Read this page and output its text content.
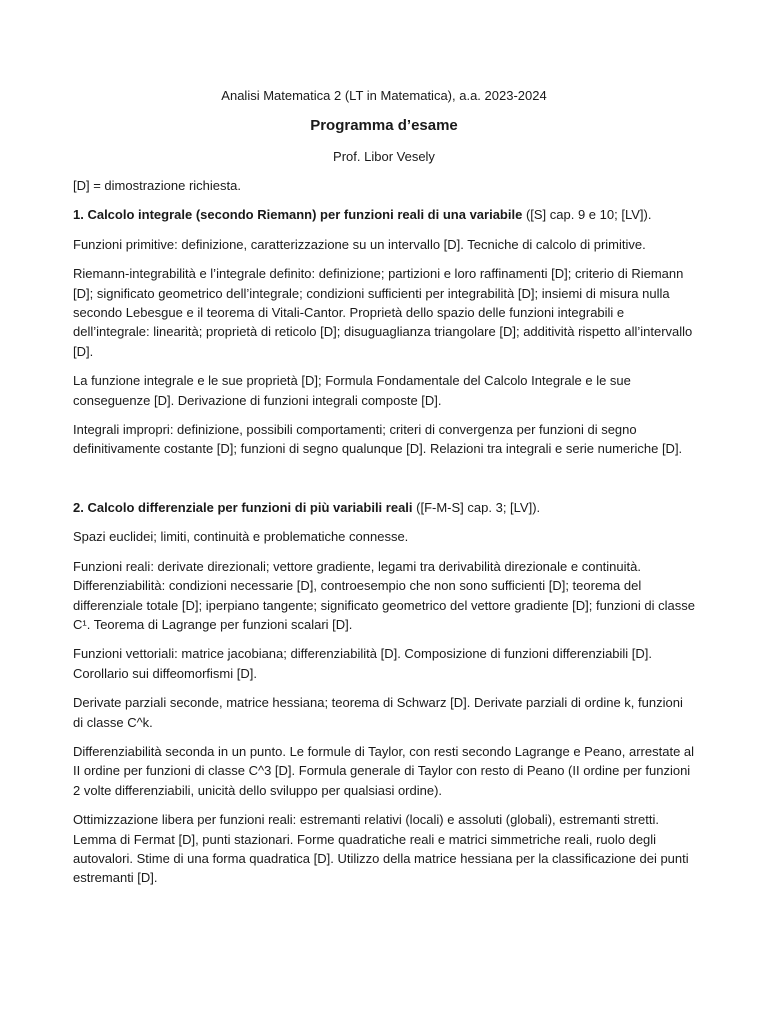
Analisi Matematica 2 (LT in Matematica), a.a. 2023-2024
Programma d’esame
Prof. Libor Vesely

[D] = dimostrazione richiesta.

1. Calcolo integrale (secondo Riemann) per funzioni reali di una variabile ([S] cap. 9 e 10; [LV]).

Funzioni primitive: definizione, caratterizzazione su un intervallo [D]. Tecniche di calcolo di primitive.

Riemann-integrabilità e l’integrale definito: definizione; partizioni e loro raffinamenti [D]; criterio di Riemann [D]; significato geometrico dell’integrale; condizioni sufficienti per integrabilità [D]; insiemi di misura nulla secondo Lebesgue e il teorema di Vitali-Cantor. Proprietà dello spazio delle funzioni integrabili e dell’integrale: linearità; proprietà di reticolo [D]; disuguaglianza triangolare [D]; additività rispetto all’intervallo [D].

La funzione integrale e le sue proprietà [D]; Formula Fondamentale del Calcolo Integrale e le sue conseguenze [D]. Derivazione di funzioni integrali composte [D].

Integrali impropri: definizione, possibili comportamenti; criteri di convergenza per funzioni di segno definitivamente costante [D]; funzioni di segno qualunque [D]. Relazioni tra integrali e serie numeriche [D].

2. Calcolo differenziale per funzioni di più variabili reali ([F-M-S] cap. 3; [LV]).

Spazi euclidei; limiti, continuità e problematiche connesse.

Funzioni reali: derivate direzionali; vettore gradiente, legami tra derivabilità direzionale e continuità. Differenziabilità: condizioni necessarie [D], controesempio che non sono sufficienti [D]; teorema del differenziale totale [D]; iperpiano tangente; significato geometrico del vettore gradiente [D]; funzioni di classe C¹. Teorema di Lagrange per funzioni scalari [D].

Funzioni vettoriali: matrice jacobiana; differenziabilità [D]. Composizione di funzioni differenziabili [D]. Corollario sui diffeomorfismi [D].

Derivate parziali seconde, matrice hessiana; teorema di Schwarz [D]. Derivate parziali di ordine k, funzioni di classe C^k.

Differenziabilità seconda in un punto. Le formule di Taylor, con resti secondo Lagrange e Peano, arrestate al II ordine per funzioni di classe C^3 [D]. Formula generale di Taylor con resto di Peano (II ordine per funzioni 2 volte differenziabili, unicità dello sviluppo per qualsiasi ordine).

Ottimizzazione libera per funzioni reali: estremanti relativi (locali) e assoluti (globali), estremanti stretti. Lemma di Fermat [D], punti stazionari. Forme quadratiche reali e matrici simmetriche reali, ruolo degli autovalori. Stime di una forma quadratica [D]. Utilizzo della matrice hessiana per la classificazione dei punti estremanti [D].
